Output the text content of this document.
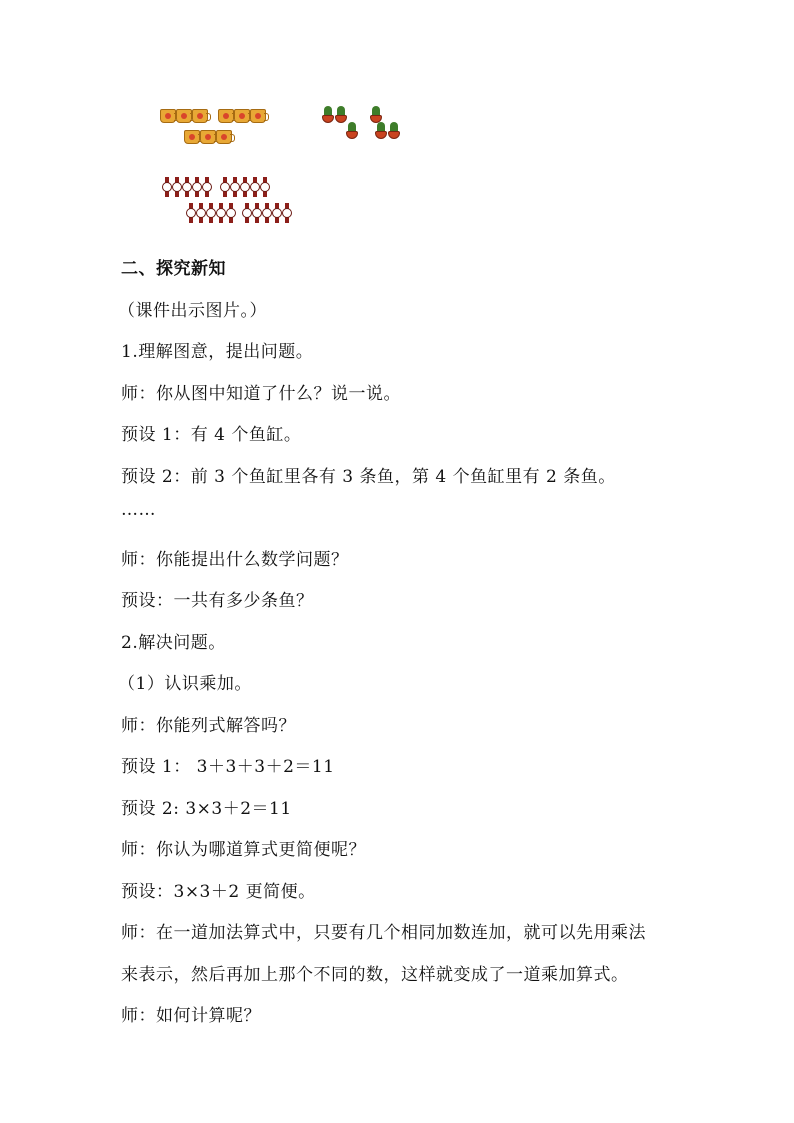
二、探究新知
（课件出示图片。）
1.理解图意，提出问题。
师：你从图中知道了什么？说一说。
预设 1：有 4 个鱼缸。
预设 2：前 3 个鱼缸里各有 3 条鱼，第 4 个鱼缸里有 2 条鱼。
……
师：你能提出什么数学问题？
预设：一共有多少条鱼？
2.解决问题。
（1）认识乘加。
师：你能列式解答吗？
预设 1： 3＋3＋3＋2＝11
预设 2: 3×3＋2＝11
师：你认为哪道算式更简便呢？
预设：3×3＋2 更简便。
师：在一道加法算式中，只要有几个相同加数连加，就可以先用乘法
来表示，然后再加上那个不同的数，这样就变成了一道乘加算式。
师：如何计算呢？
